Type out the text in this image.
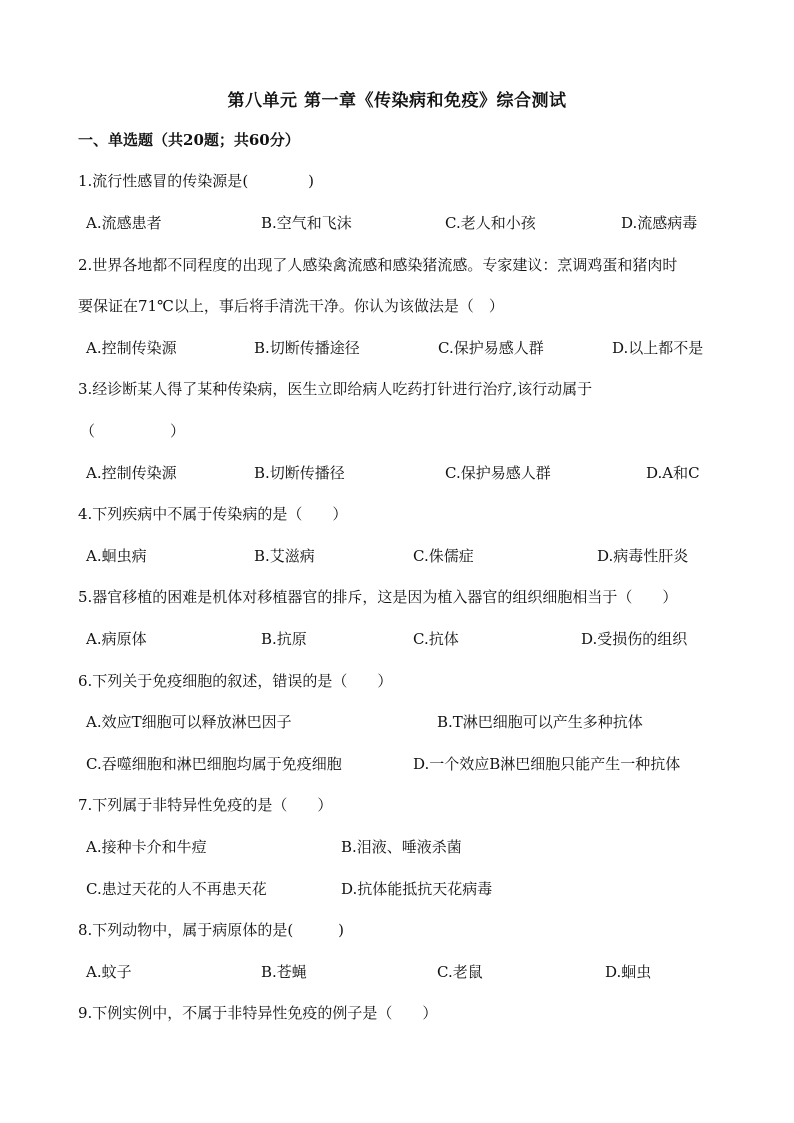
第八单元 第一章《传染病和免疫》综合测试
一、单选题（共20题；共60分）
1.流行性感冒的传染源是(　　　　)
A.流感患者	B.空气和飞沫	C.老人和小孩	D.流感病毒
2.世界各地都不同程度的出现了人感染禽流感和感染猪流感。专家建议：烹调鸡蛋和猪肉时
要保证在71℃以上，事后将手清洗干净。你认为该做法是（　）
A.控制传染源	B.切断传播途径	C.保护易感人群	D.以上都不是
3.经诊断某人得了某种传染病，医生立即给病人吃药打针进行治疗,该行动属于
（　　　　　）
A.控制传染源	B.切断传播径	C.保护易感人群	D.A和C
4.下列疾病中不属于传染病的是（　　）
A.蛔虫病	B.艾滋病	C.侏儒症	D.病毒性肝炎
5.器官移植的困难是机体对移植器官的排斥，这是因为植入器官的组织细胞相当于（　　）
A.病原体	B.抗原	C.抗体	D.受损伤的组织
6.下列关于免疫细胞的叙述，错误的是（　　）
A.效应T细胞可以释放淋巴因子	B.T淋巴细胞可以产生多种抗体
C.吞噬细胞和淋巴细胞均属于免疫细胞	D.一个效应B淋巴细胞只能产生一种抗体
7.下列属于非特异性免疫的是（　　）
A.接种卡介和牛痘	B.泪液、唾液杀菌
C.患过天花的人不再患天花	D.抗体能抵抗天花病毒
8.下列动物中，属于病原体的是(　　　)
A.蚊子	B.苍蝇	C.老鼠	D.蛔虫
9.下例实例中，不属于非特异性免疫的例子是（　　）
